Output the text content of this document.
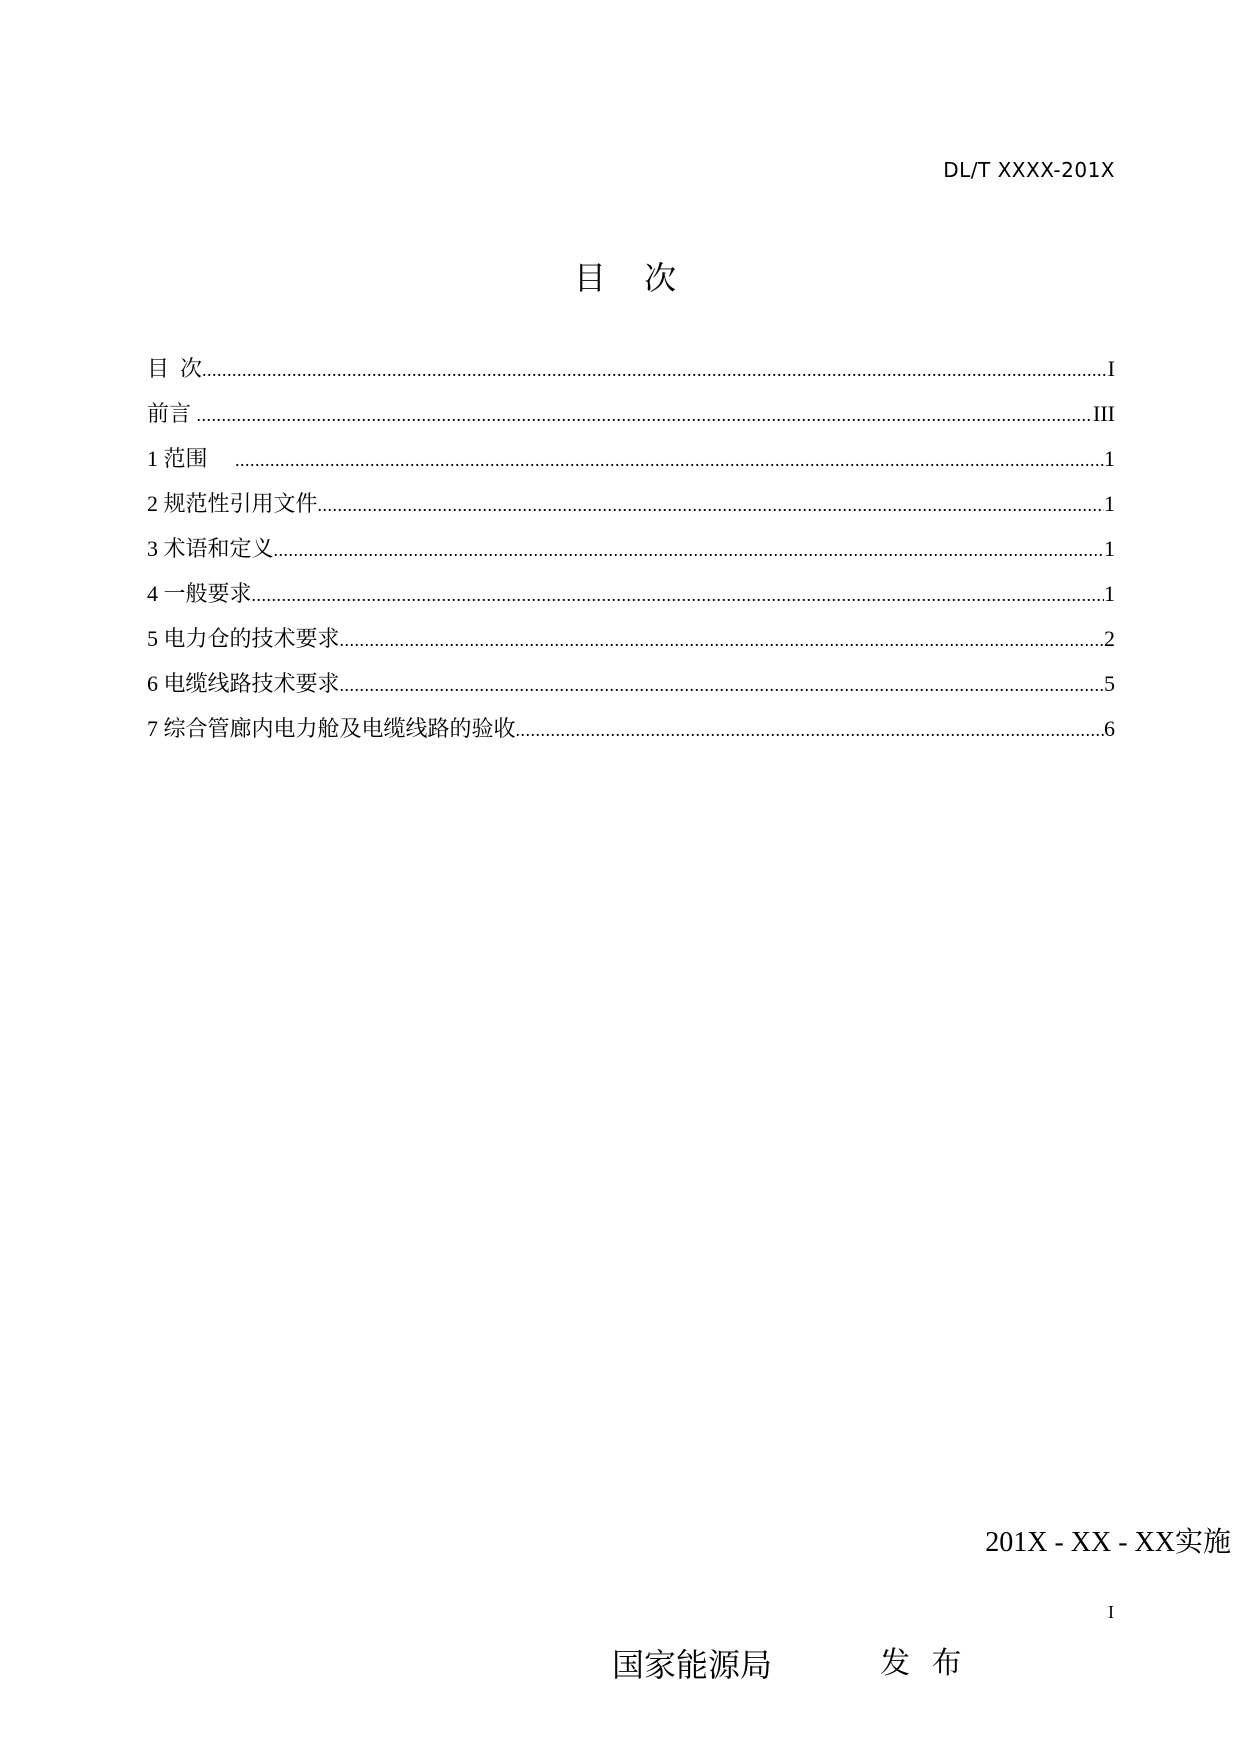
DL/T XXXX-201X
目 次
目  次 .....	I
前言 .....	III
1 范围 .....	1
2 规范性引用文件 .....	1
3 术语和定义 .....	1
4 一般要求 .....	1
5 电力仓的技术要求 .....	2
6 电缆线路技术要求 .....	5
7 综合管廊内电力舱及电缆线路的验收 .....	6
201X - XX - XX实施
I
国家能源局	发 布
